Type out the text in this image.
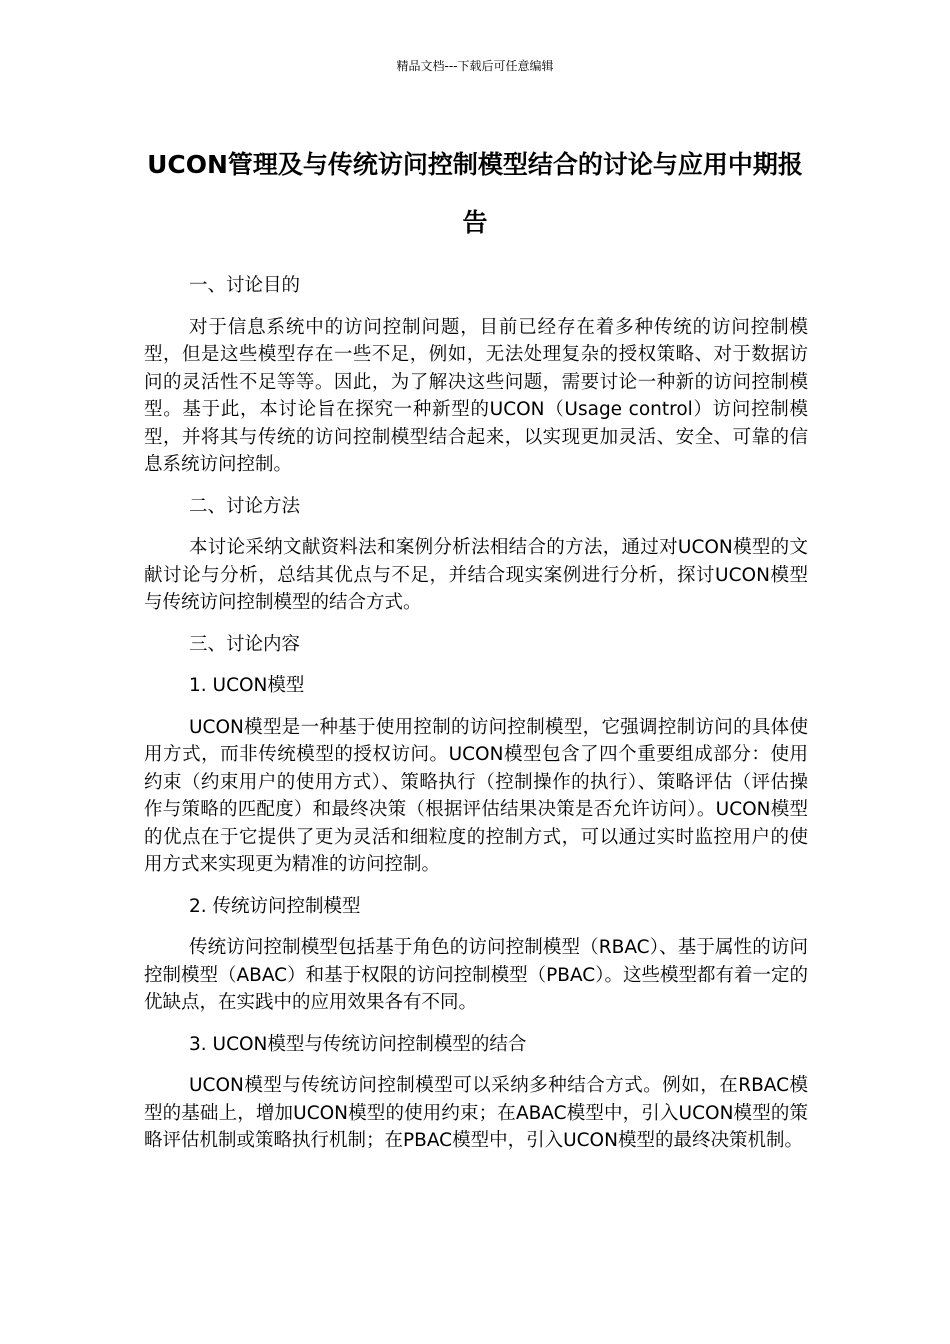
精品文档---下载后可任意编辑
UCON管理及与传统访问控制模型结合的讨论与应用中期报告

一、讨论目的

对于信息系统中的访问控制问题，目前已经存在着多种传统的访问控制模型，但是这些模型存在一些不足，例如，无法处理复杂的授权策略、对于数据访问的灵活性不足等等。因此，为了解决这些问题，需要讨论一种新的访问控制模型。基于此，本讨论旨在探究一种新型的UCON（Usage control）访问控制模型，并将其与传统的访问控制模型结合起来，以实现更加灵活、安全、可靠的信息系统访问控制。

二、讨论方法

本讨论采纳文献资料法和案例分析法相结合的方法，通过对UCON模型的文献讨论与分析，总结其优点与不足，并结合现实案例进行分析，探讨UCON模型与传统访问控制模型的结合方式。

三、讨论内容

1. UCON模型

UCON模型是一种基于使用控制的访问控制模型，它强调控制访问的具体使用方式，而非传统模型的授权访问。UCON模型包含了四个重要组成部分：使用约束（约束用户的使用方式）、策略执行（控制操作的执行）、策略评估（评估操作与策略的匹配度）和最终决策（根据评估结果决策是否允许访问）。UCON模型的优点在于它提供了更为灵活和细粒度的控制方式，可以通过实时监控用户的使用方式来实现更为精准的访问控制。

2. 传统访问控制模型

传统访问控制模型包括基于角色的访问控制模型（RBAC）、基于属性的访问控制模型（ABAC）和基于权限的访问控制模型（PBAC）。这些模型都有着一定的优缺点，在实践中的应用效果各有不同。

3. UCON模型与传统访问控制模型的结合

UCON模型与传统访问控制模型可以采纳多种结合方式。例如，在RBAC模型的基础上，增加UCON模型的使用约束；在ABAC模型中，引入UCON模型的策略评估机制或策略执行机制；在PBAC模型中，引入UCON模型的最终决策机制。
